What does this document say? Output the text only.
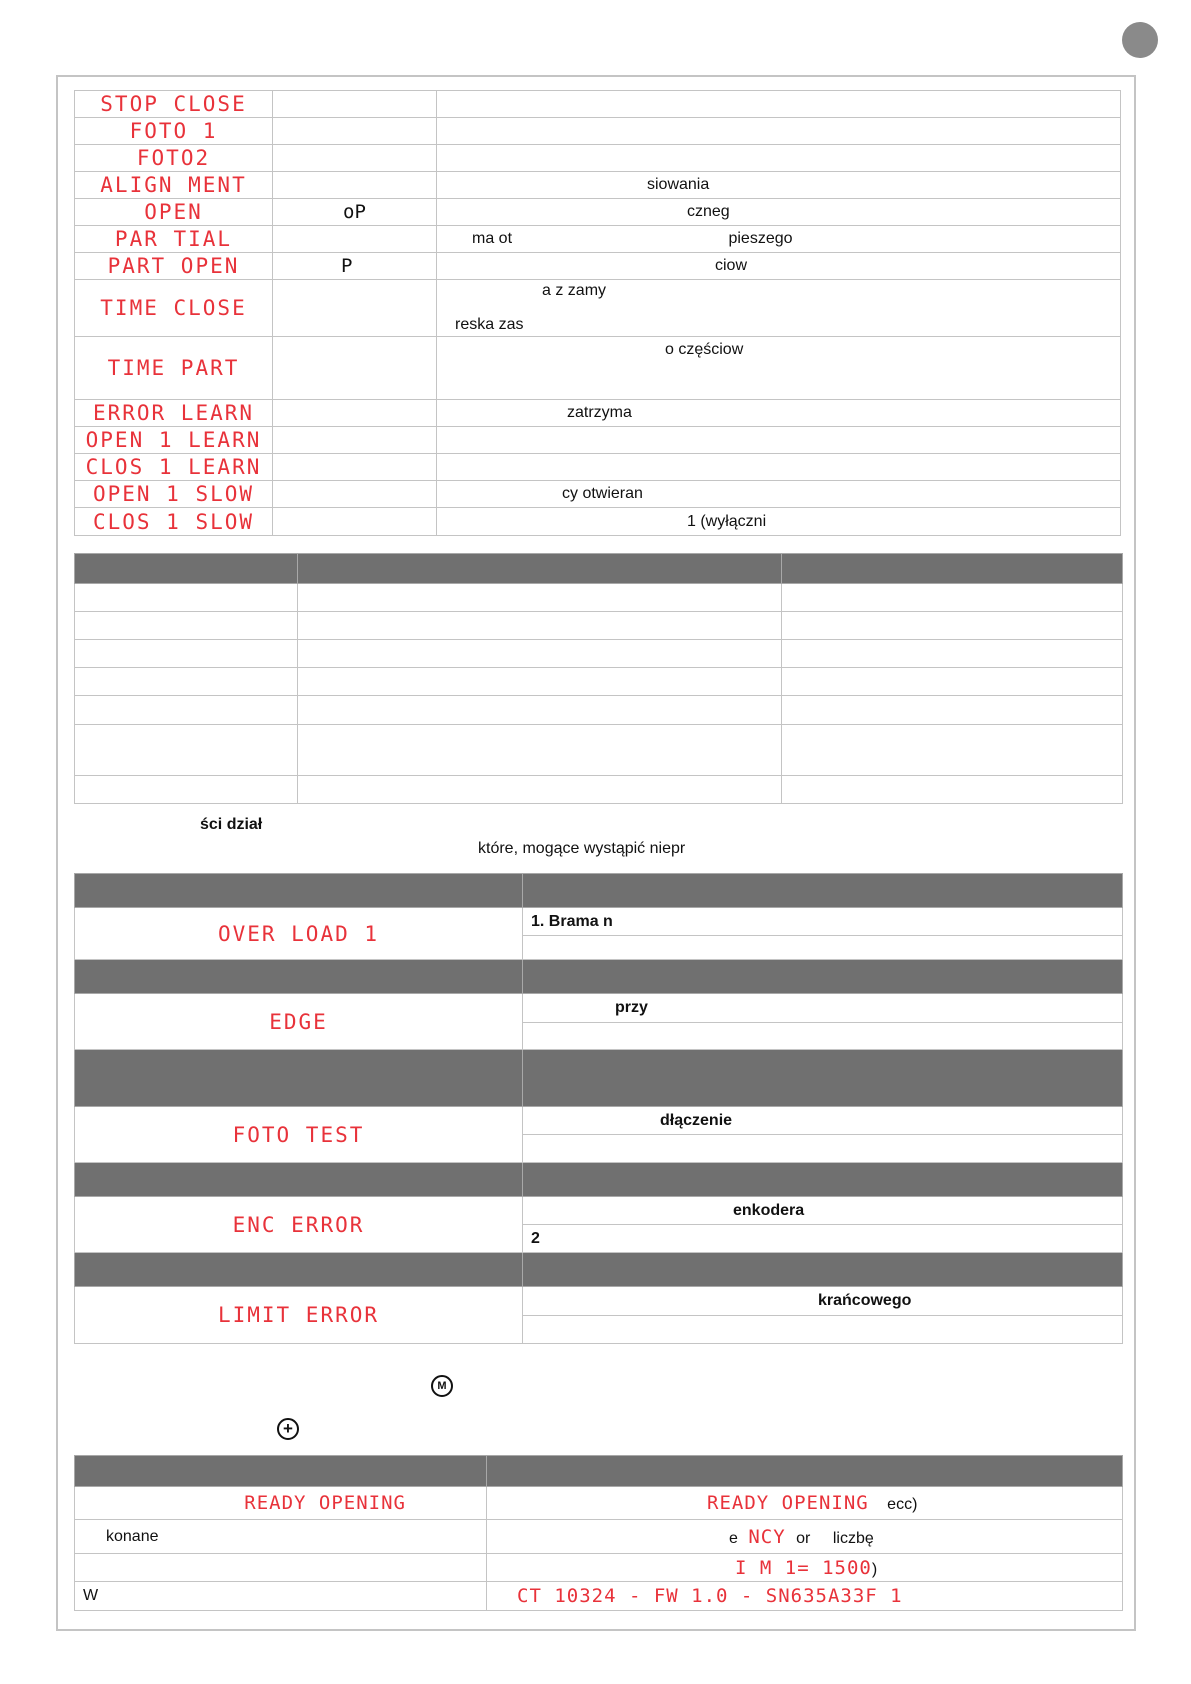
STOP CLOSE		
FOTO 1		
FOTO2		
ALIGN MENT		siowania
OPEN	oP	czneg
PAR TIAL		ma ot pieszego
PART OPEN	P	ciow
TIME CLOSE		a z zamy
reska zas

TIME PART		o częściow
ERROR LEARN		zatrzyma
OPEN 1 LEARN		
CLOS 1 LEARN		
OPEN 1 SLOW		cy otwieran
CLOS 1 SLOW		1 (wyłączni

ści dział
które, mogące wystąpić niepr

OVER LOAD 1	1. Brama n

EDGE	przy

FOTO TEST	dłączenie

ENC ERROR	enkodera
	2

LIMIT ERROR	krańcowego

M
+

READY OPENING	READY OPENING ecc)
konane	e NCY or liczbę
	I M 1= 1500)
W	CT 10324 - FW 1.0 - SN635A33F 1
